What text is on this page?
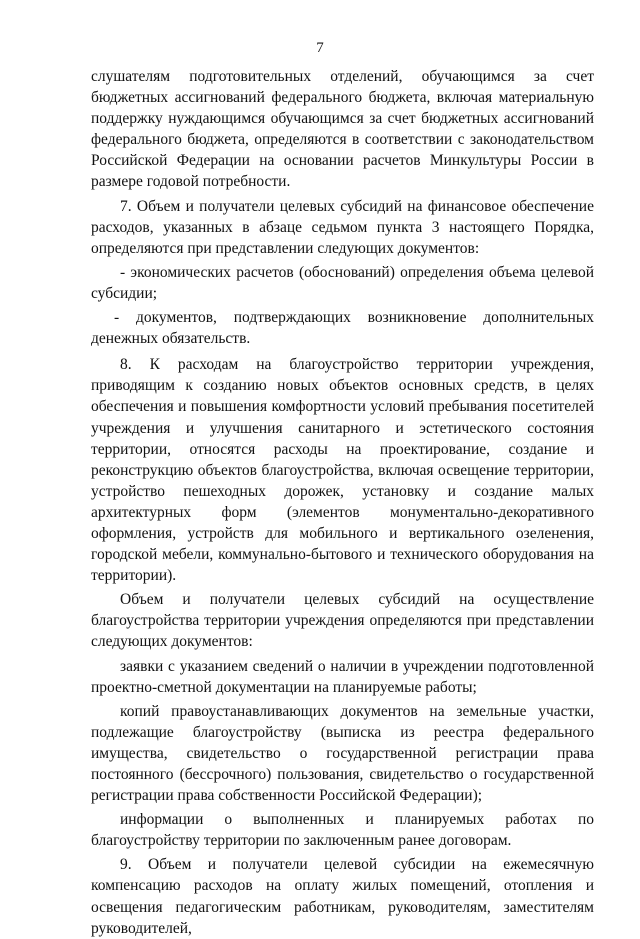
7

слушателям подготовительных отделений, обучающимся за счет бюджетных ассигнований федерального бюджета, включая материальную поддержку нуждающимся обучающимся за счет бюджетных ассигнований федерального бюджета, определяются в соответствии с законодательством Российской Федерации на основании расчетов Минкультуры России в размере годовой потребности.

7. Объем и получатели целевых субсидий на финансовое обеспечение расходов, указанных в абзаце седьмом пункта 3 настоящего Порядка, определяются при представлении следующих документов:

- экономических расчетов (обоснований) определения объема целевой субсидии;

- документов, подтверждающих возникновение дополнительных
денежных обязательств.

8. К расходам на благоустройство территории учреждения, приводящим к созданию новых объектов основных средств, в целях обеспечения и повышения комфортности условий пребывания посетителей учреждения и улучшения санитарного и эстетического состояния территории, относятся расходы на проектирование, создание и реконструкцию объектов благоустройства, включая освещение территории, устройство пешеходных дорожек, установку и создание малых архитектурных форм (элементов монументально-декоративного оформления, устройств для мобильного и вертикального озеленения, городской мебели, коммунально-бытового и технического оборудования на территории).

Объем и получатели целевых субсидий на осуществление благоустройства территории учреждения определяются при представлении следующих документов:

заявки с указанием сведений о наличии в учреждении подготовленной проектно-сметной документации на планируемые работы;

копий правоустанавливающих документов на земельные участки, подлежащие благоустройству (выписка из реестра федерального имущества, свидетельство о государственной регистрации права постоянного (бессрочного) пользования, свидетельство о государственной регистрации права собственности Российской Федерации);

информации о выполненных и планируемых работах по благоустройству территории по заключенным ранее договорам.

9. Объем и получатели целевой субсидии на ежемесячную компенсацию расходов на оплату жилых помещений, отопления и освещения педагогическим работникам, руководителям, заместителям руководителей,
